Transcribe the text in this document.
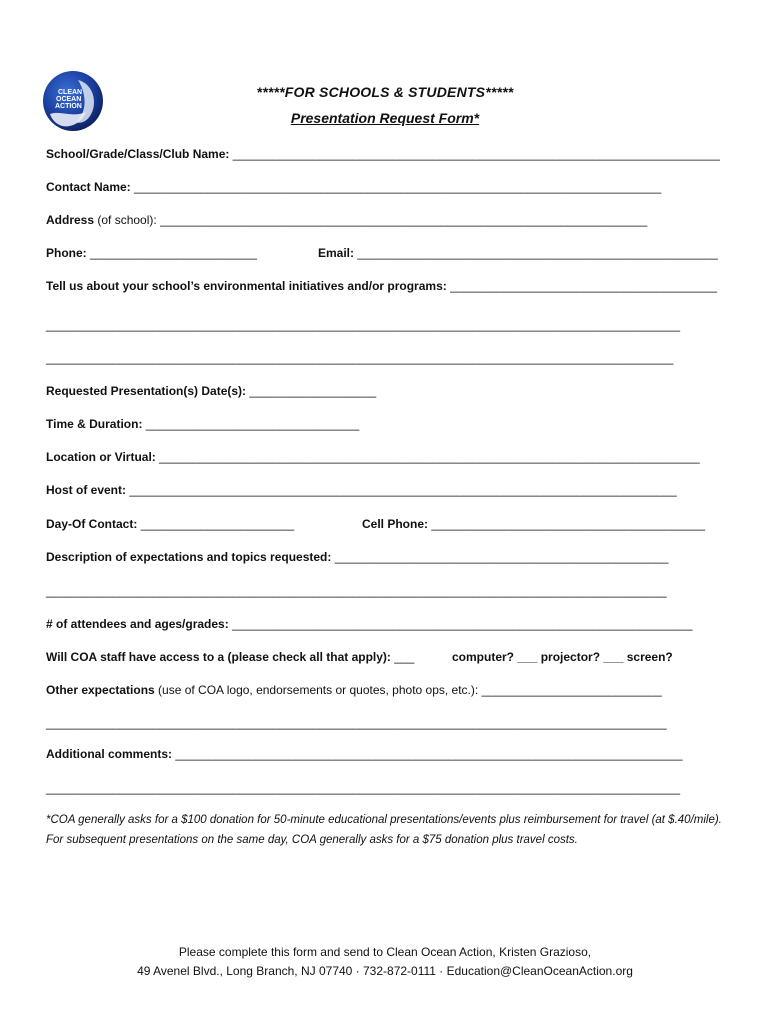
CLEAN
OCEAN
ACTION
*****FOR SCHOOLS & STUDENTS*****
Presentation Request Form*
School/Grade/Class/Club Name: _________________________________________________________________________
Contact Name: _______________________________________________________________________________
Address (of school): _________________________________________________________________________
Phone: _________________________	Email: ______________________________________________________
Tell us about your school’s environmental initiatives and/or programs: ________________________________________
_______________________________________________________________________________________________
______________________________________________________________________________________________
Requested Presentation(s) Date(s): ___________________
Time & Duration: ________________________________
Location or Virtual: _________________________________________________________________________________
Host of event: __________________________________________________________________________________
Day-Of Contact: _______________________	Cell Phone: _________________________________________
Description of expectations and topics requested: __________________________________________________
_____________________________________________________________________________________________
# of attendees and ages/grades: _____________________________________________________________________
Will COA staff have access to a (please check all that apply): ___	computer? ___ projector? ___ screen?
Other expectations (use of COA logo, endorsements or quotes, photo ops, etc.): ___________________________
_____________________________________________________________________________________________
Additional comments: ____________________________________________________________________________
_______________________________________________________________________________________________
*COA generally asks for a $100 donation for 50-minute educational presentations/events plus reimbursement for travel (at $.40/mile). For subsequent presentations on the same day, COA generally asks for a $75 donation plus travel costs.
Please complete this form and send to Clean Ocean Action, Kristen Grazioso,
49 Avenel Blvd., Long Branch, NJ 07740 · 732-872-0111 · Education@CleanOceanAction.org
